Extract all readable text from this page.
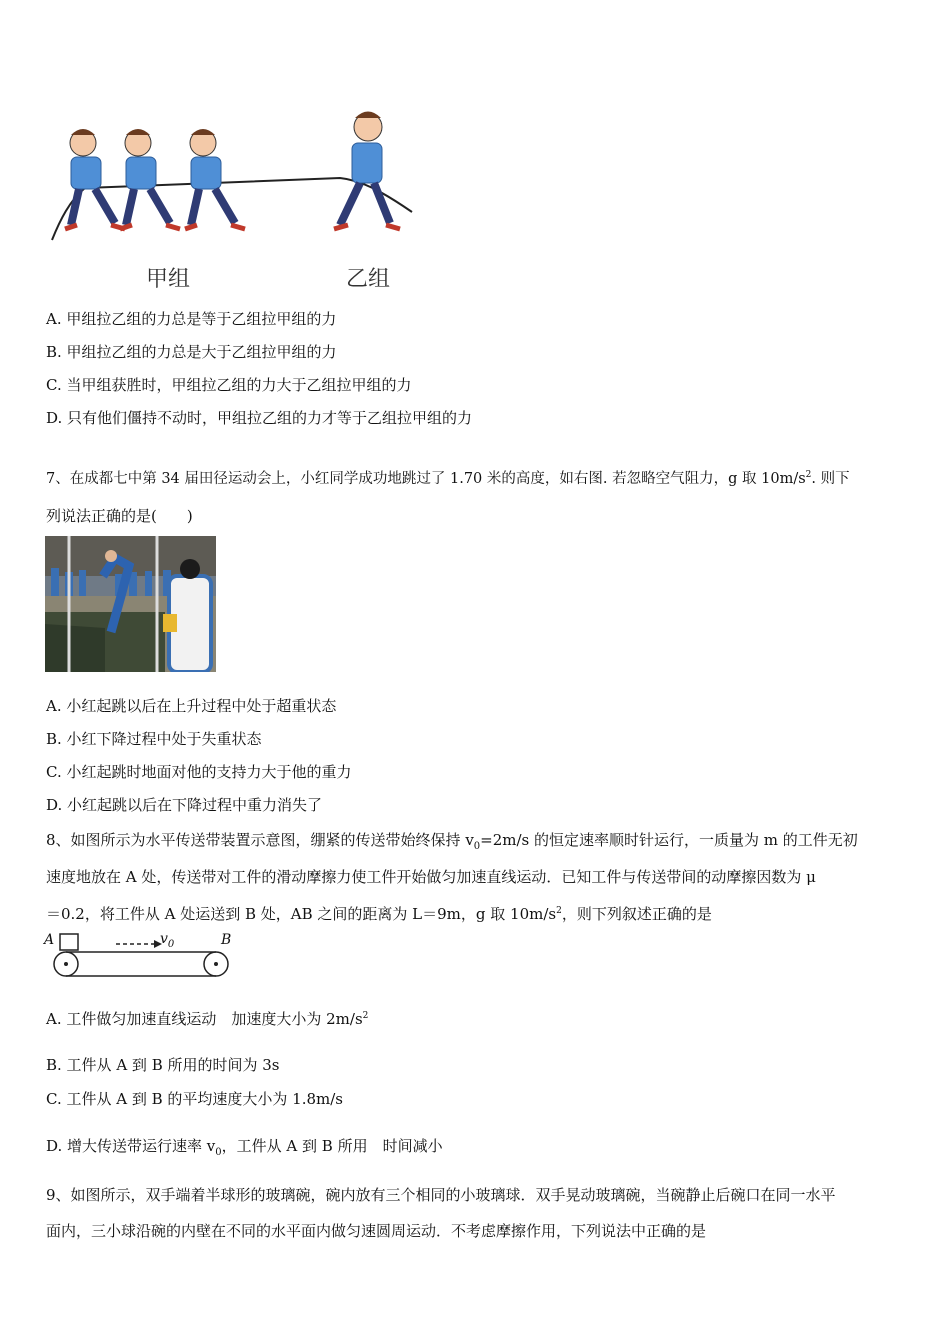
甲组	乙组
A. 甲组拉乙组的力总是等于乙组拉甲组的力
B. 甲组拉乙组的力总是大于乙组拉甲组的力
C. 当甲组获胜时，甲组拉乙组的力大于乙组拉甲组的力
D. 只有他们僵持不动时，甲组拉乙组的力才等于乙组拉甲组的力
7、在成都七中第 34 届田径运动会上，小红同学成功地跳过了 1.70 米的高度，如右图. 若忽略空气阻力，g 取 $10m/s^2$. 则下
列说法正确的是(　　)
A. 小红起跳以后在上升过程中处于超重状态
B. 小红下降过程中处于失重状态
C. 小红起跳时地面对他的支持力大于他的重力
D. 小红起跳以后在下降过程中重力消失了
8、如图所示为水平传送带装置示意图，绷紧的传送带始终保持 $v_0=2m/s$ 的恒定速率顺时针运行，一质量为 m 的工件无初
速度地放在 A 处，传送带对工件的滑动摩擦力使工件开始做匀加速直线运动．已知工件与传送带间的动摩擦因数为 μ
＝0.2，将工件从 A 处运送到 B 处，AB 之间的距离为 L＝9m，g 取 $10m/s^2$，则下列叙述正确的是
A	B
$v_0$
A. 工件做匀加速直线运动　加速度大小为 $2m/s^2$
B. 工件从 A 到 B 所用的时间为 3s
C. 工件从 A 到 B 的平均速度大小为 1.8m/s
D. 增大传送带运行速率 $v_0$，工件从 A 到 B 所用　时间减小
9、如图所示，双手端着半球形的玻璃碗，碗内放有三个相同的小玻璃球．双手晃动玻璃碗，当碗静止后碗口在同一水平
面内，三小球沿碗的内壁在不同的水平面内做匀速圆周运动．不考虑摩擦作用，下列说法中正确的是
